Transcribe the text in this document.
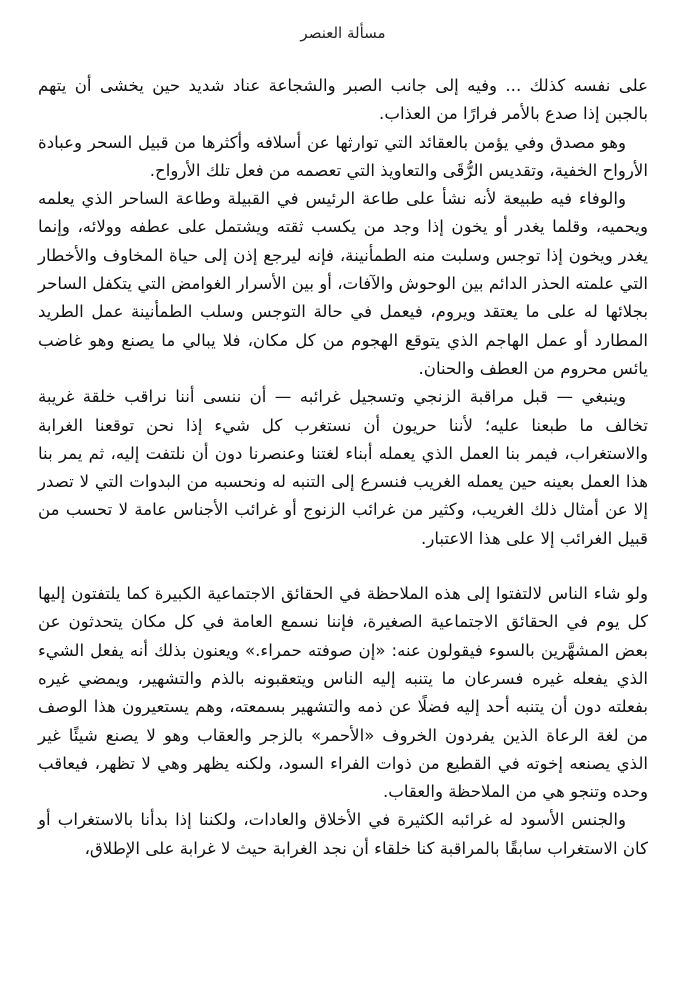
مسألة العنصر

على نفسه كذلك ... وفيه إلى جانب الصبر والشجاعة عناد شديد حين يخشى أن يتهم بالجبن إذا صدع بالأمر فرارًا من العذاب.

وهو مصدق وفي يؤمن بالعقائد التي توارثها عن أسلافه وأكثرها من قبيل السحر وعبادة الأرواح الخفية، وتقديس الرُّقَى والتعاويذ التي تعصمه من فعل تلك الأرواح.

والوفاء فيه طبيعة لأنه نشأ على طاعة الرئيس في القبيلة وطاعة الساحر الذي يعلمه ويحميه، وقلما يغدر أو يخون إذا وجد من يكسب ثقته ويشتمل على عطفه وولائه، وإنما يغدر ويخون إذا توجس وسلبت منه الطمأنينة، فإنه ليرجع إذن إلى حياة المخاوف والأخطار التي علمته الحذر الدائم بين الوحوش والآفات، أو بين الأسرار الغوامض التي يتكفل الساحر بجلائها له على ما يعتقد ويروم، فيعمل في حالة التوجس وسلب الطمأنينة عمل الطريد المطارد أو عمل الهاجم الذي يتوقع الهجوم من كل مكان، فلا يبالي ما يصنع وهو غاضب يائس محروم من العطف والحنان.

وينبغي — قبل مراقبة الزنجي وتسجيل غرائبه — أن ننسى أننا نراقب خلقة غريبة تخالف ما طبعنا عليه؛ لأننا حريون أن نستغرب كل شيء إذا نحن توقعنا الغرابة والاستغراب، فيمر بنا العمل الذي يعمله أبناء لغتنا وعنصرنا دون أن نلتفت إليه، ثم يمر بنا هذا العمل بعينه حين يعمله الغريب فنسرع إلى التنبه له ونحسبه من البدوات التي لا تصدر إلا عن أمثال ذلك الغريب، وكثير من غرائب الزنوج أو غرائب الأجناس عامة لا تحسب من قبيل الغرائب إلا على هذا الاعتبار.

ولو شاء الناس لالتفتوا إلى هذه الملاحظة في الحقائق الاجتماعية الكبيرة كما يلتفتون إليها كل يوم في الحقائق الاجتماعية الصغيرة، فإننا نسمع العامة في كل مكان يتحدثون عن بعض المشهَّرين بالسوء فيقولون عنه: «إن صوفته حمراء.» ويعنون بذلك أنه يفعل الشيء الذي يفعله غيره فسرعان ما يتنبه إليه الناس ويتعقبونه بالذم والتشهير، ويمضي غيره بفعلته دون أن يتنبه أحد إليه فضلًا عن ذمه والتشهير بسمعته، وهم يستعيرون هذا الوصف من لغة الرعاة الذين يفردون الخروف «الأحمر» بالزجر والعقاب وهو لا يصنع شيئًا غير الذي يصنعه إخوته في القطيع من ذوات الفراء السود، ولكنه يظهر وهي لا تظهر، فيعاقب وحده وتنجو هي من الملاحظة والعقاب.

والجنس الأسود له غرائبه الكثيرة في الأخلاق والعادات، ولكننا إذا بدأنا بالاستغراب أو كان الاستغراب سابقًا بالمراقبة كنا خلقاء أن نجد الغرابة حيث لا غرابة على الإطلاق،
